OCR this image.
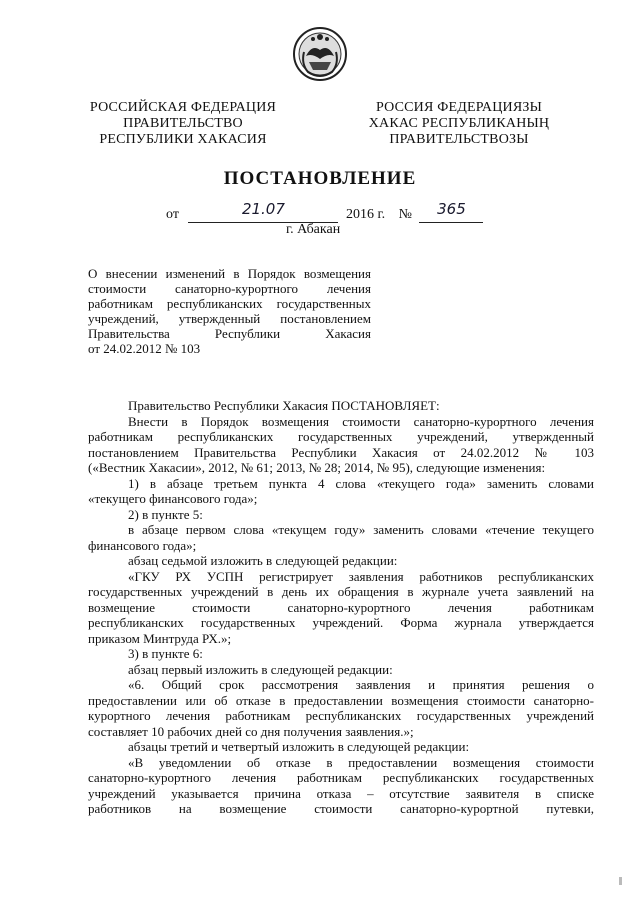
РОССИЙСКАЯ ФЕДЕРАЦИЯ
ПРАВИТЕЛЬСТВО
РЕСПУБЛИКИ ХАКАСИЯ
РОССИЯ ФЕДЕРАЦИЯЗЫ
ХАКАС РЕСПУБЛИКАНЫҢ
ПРАВИТЕЛЬСТВОЗЫ
ПОСТАНОВЛЕНИЕ
от	21.07	2016 г. №	365
г. Абакан

О внесении изменений в Порядок возмещения

стоимости санаторно-курортного лечения

работникам республиканских государственных

учреждений, утвержденный постановлением

Правительства Республики Хакасия

от 24.02.2012 № 103

Правительство Республики Хакасия ПОСТАНОВЛЯЕТ:

Внести в Порядок возмещения стоимости санаторно-курортного лечения

работникам республиканских государственных учреждений, утвержденный

постановлением Правительства Республики Хакасия от 24.02.2012 № 103

(«Вестник Хакасии», 2012, № 61; 2013, № 28; 2014, № 95), следующие изменения:

1) в абзаце третьем пункта 4 слова «текущего года» заменить словами

«текущего финансового года»;

2) в пункте 5:

в абзаце первом слова «текущем году» заменить словами «течение текущего

финансового года»;

абзац седьмой изложить в следующей редакции:

«ГКУ РХ УСПН регистрирует заявления работников республиканских

государственных учреждений в день их обращения в журнале учета заявлений на

возмещение стоимости санаторно-курортного лечения работникам

республиканских государственных учреждений. Форма журнала утверждается

приказом Минтруда РХ.»;

3) в пункте 6:

абзац первый изложить в следующей редакции:

«6. Общий срок рассмотрения заявления и принятия решения о

предоставлении или об отказе в предоставлении возмещения стоимости санаторно-

курортного лечения работникам республиканских государственных учреждений

составляет 10 рабочих дней со дня получения заявления.»;

абзацы третий и четвертый изложить в следующей редакции:

«В уведомлении об отказе в предоставлении возмещения стоимости

санаторно-курортного лечения работникам республиканских государственных

учреждений указывается причина отказа – отсутствие заявителя в списке

работников на возмещение стоимости санаторно-курортной путевки,
